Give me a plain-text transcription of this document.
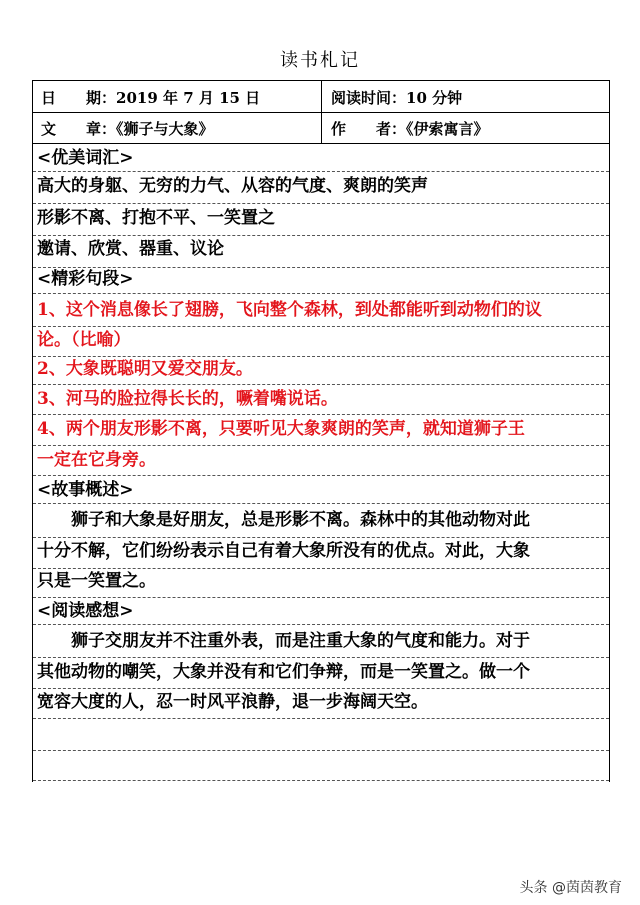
读书札记
日　　期：2019 年 7 月 15 日	阅读时间：10 分钟
文　　章：《狮子与大象》	作　　者：《伊索寓言》
<优美词汇>
高大的身躯、无穷的力气、从容的气度、爽朗的笑声
形影不离、打抱不平、一笑置之
邀请、欣赏、器重、议论
<精彩句段>
1、这个消息像长了翅膀，飞向整个森林，到处都能听到动物们的议
论。（比喻）
2、大象既聪明又爱交朋友。
3、河马的脸拉得长长的，噘着嘴说话。
4、两个朋友形影不离，只要听见大象爽朗的笑声，就知道狮子王
一定在它身旁。
<故事概述>
　　狮子和大象是好朋友，总是形影不离。森林中的其他动物对此
十分不解，它们纷纷表示自己有着大象所没有的优点。对此，大象
只是一笑置之。
<阅读感想>
　　狮子交朋友并不注重外表，而是注重大象的气度和能力。对于
其他动物的嘲笑，大象并没有和它们争辩，而是一笑置之。做一个
宽容大度的人，忍一时风平浪静，退一步海阔天空。
头条 @茵茵教育
